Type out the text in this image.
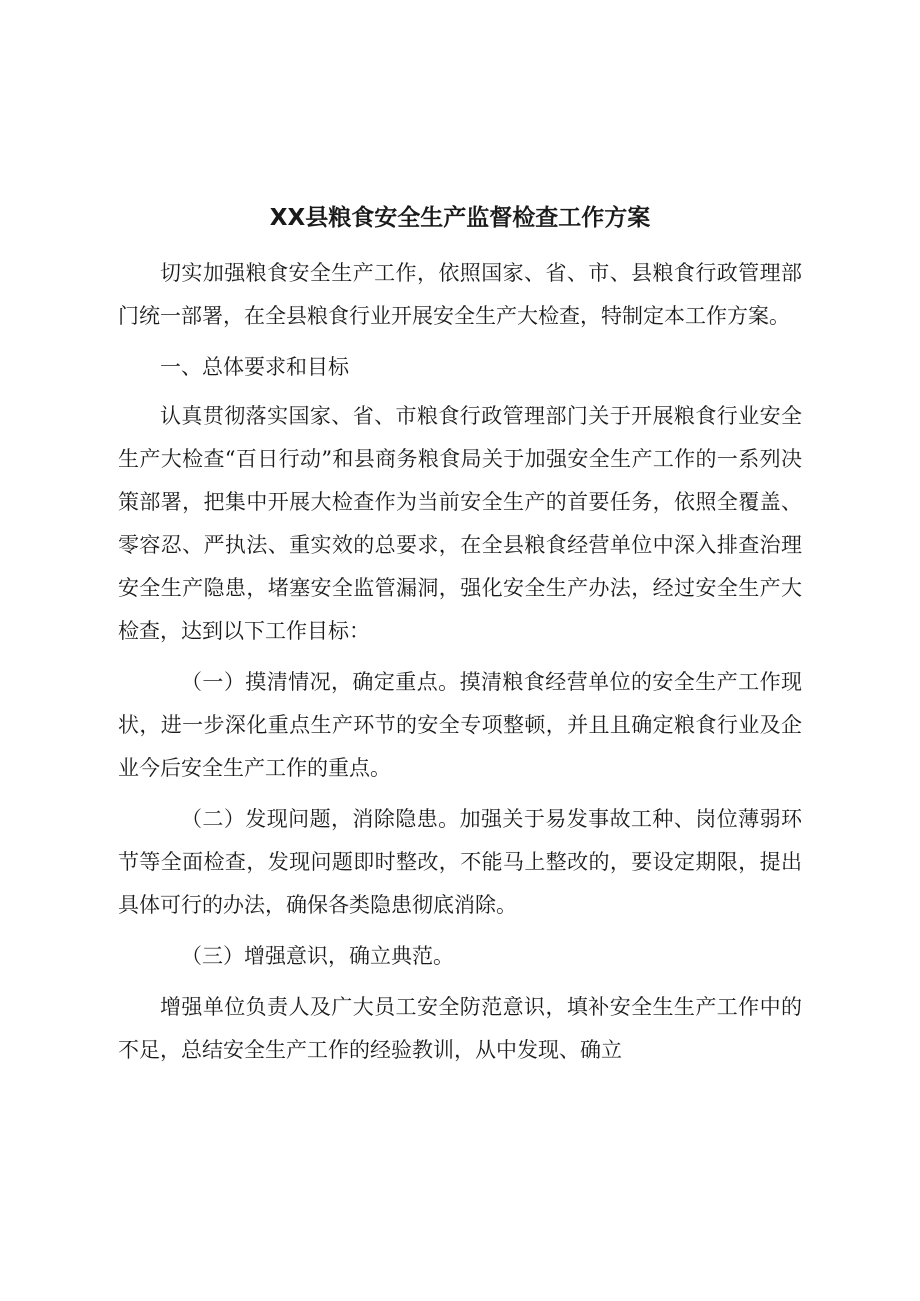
XX县粮食安全生产监督检查工作方案

切实加强粮食安全生产工作，依照国家、省、市、县粮食行政管理部门统一部署，在全县粮食行业开展安全生产大检查，特制定本工作方案。

一、总体要求和目标

认真贯彻落实国家、省、市粮食行政管理部门关于开展粮食行业安全生产大检查“百日行动”和县商务粮食局关于加强安全生产工作的一系列决策部署，把集中开展大检查作为当前安全生产的首要任务，依照全覆盖、零容忍、严执法、重实效的总要求，在全县粮食经营单位中深入排查治理安全生产隐患，堵塞安全监管漏洞，强化安全生产办法，经过安全生产大检查，达到以下工作目标：

（一）摸清情况，确定重点。摸清粮食经营单位的安全生产工作现状，进一步深化重点生产环节的安全专项整顿，并且且确定粮食行业及企业今后安全生产工作的重点。

（二）发现问题，消除隐患。加强关于易发事故工种、岗位薄弱环节等全面检查，发现问题即时整改，不能马上整改的，要设定期限，提出具体可行的办法，确保各类隐患彻底消除。

（三）增强意识，确立典范。

增强单位负责人及广大员工安全防范意识，填补安全生生产工作中的不足，总结安全生产工作的经验教训，从中发现、确立
